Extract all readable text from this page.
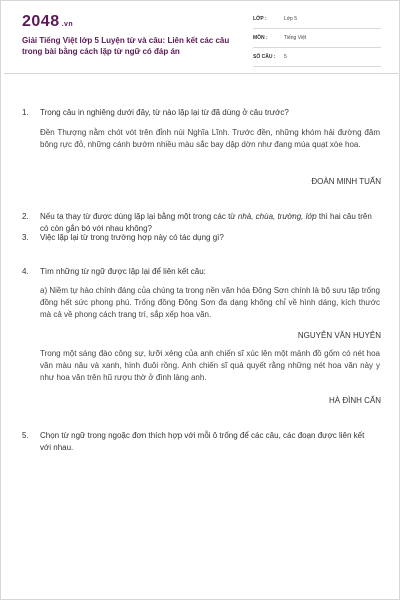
2048 .vn
Giải Tiếng Việt lớp 5 Luyện từ và câu: Liên kết các câu trong bài bằng cách lặp từ ngữ có đáp án
LỚP :	Lớp 5
MÔN :	Tiếng Việt
SỐ CÂU : 5
1. Trong câu in nghiêng dưới đây, từ nào lặp lại từ đã dùng ở câu trước?
Đền Thượng nằm chót vót trên đỉnh núi Nghĩa Lĩnh. Trước đền, những khóm hải đường đâm bông rực đỏ, những cánh bướm nhiều màu sắc bay dập dờn như đang múa quạt xòe hoa.
ĐOÀN MINH TUẤN
2. Nếu ta thay từ được dùng lặp lại bằng một trong các từ nhà, chùa, trường, lớp thì hai câu trên có còn gắn bó với nhau không?
3. Việc lặp lại từ trong trường hợp này có tác dụng gì?
4. Tìm những từ ngữ được lặp lại để liên kết câu:
a) Niềm tự hào chính đáng của chúng ta trong nền văn hóa Đông Sơn chính là bộ sưu tập trống đồng hết sức phong phú. Trống đồng Đông Sơn đa dạng không chỉ về hình dáng, kích thước mà cả về phong cách trang trí, sắp xếp hoa văn.
NGUYỄN VĂN HUYÊN
Trong một sáng đào công sự, lưỡi xẻng của anh chiến sĩ xúc lên một mảnh đồ gốm có nét hoa văn màu nâu và xanh, hình đuôi rồng. Anh chiến sĩ quả quyết rằng những nét hoa văn này y như hoa văn trên hũ rượu thờ ở đình làng anh.
HÀ ĐÌNH CẨN
5. Chọn từ ngữ trong ngoặc đơn thích hợp với mỗi ô trống để các câu, các đoạn được liên kết với nhau.
